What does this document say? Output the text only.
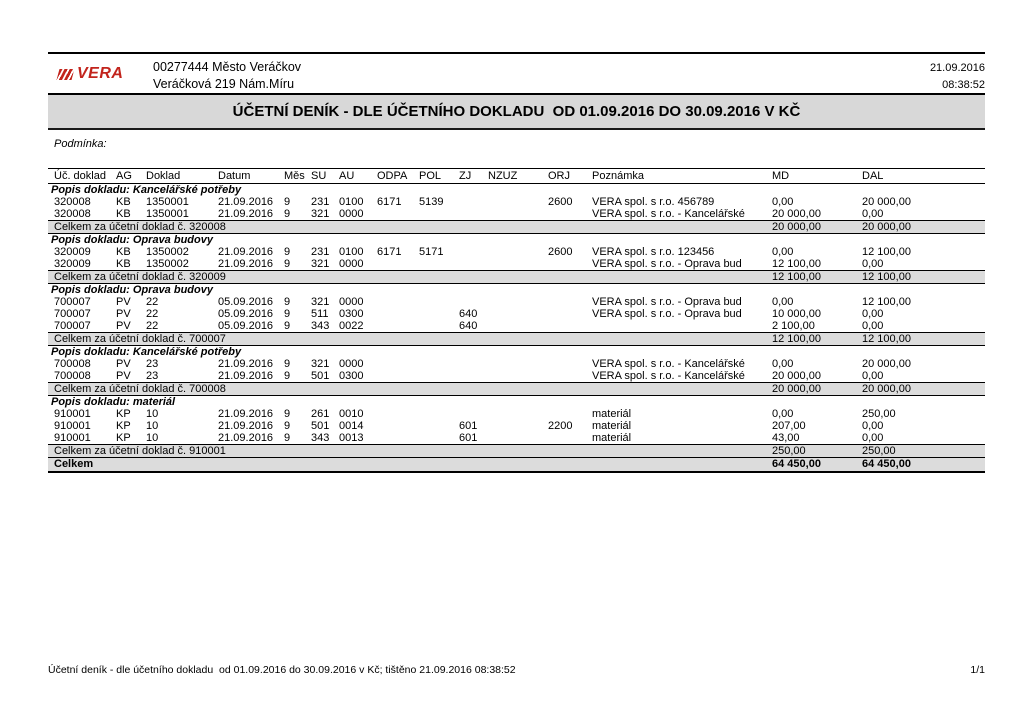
VERA 00277444 Město Veráčkov
Veráčková 219 Nám.Míru
21.09.2016
08:38:52
ÚČETNÍ DENÍK - DLE ÚČETNÍHO DOKLADU  OD 01.09.2016 DO 30.09.2016 V KČ
Podmínka:
Úč. doklad	AG	Doklad	Datum	Měs	SU	AU	ODPA	POL	ZJ	NZUZ	ORJ	Poznámka	MD	DAL
Popis dokladu: Kancelářské potřeby														
320008	KB	1350001	21.09.2016	9	231	0100	6171	5139			2600	VERA spol. s r.o. 456789	0,00	20 000,00
320008	KB	1350001	21.09.2016	9	321	0000						VERA spol. s r.o. - Kancelářské	20 000,00	0,00
Celkem za účetní doklad č. 320008													20 000,00	20 000,00
Popis dokladu: Oprava budovy														
320009	KB	1350002	21.09.2016	9	231	0100	6171	5171			2600	VERA spol. s r.o. 123456	0,00	12 100,00
320009	KB	1350002	21.09.2016	9	321	0000						VERA spol. s r.o. - Oprava bud	12 100,00	0,00
Celkem za účetní doklad č. 320009													12 100,00	12 100,00
Popis dokladu: Oprava budovy														
700007	PV	22	05.09.2016	9	321	0000						VERA spol. s r.o. - Oprava bud	0,00	12 100,00
700007	PV	22	05.09.2016	9	511	0300			640			VERA spol. s r.o. - Oprava bud	10 000,00	0,00
700007	PV	22	05.09.2016	9	343	0022			640				2 100,00	0,00
Celkem za účetní doklad č. 700007													12 100,00	12 100,00
Popis dokladu: Kancelářské potřeby														
700008	PV	23	21.09.2016	9	321	0000						VERA spol. s r.o. - Kancelářské	0,00	20 000,00
700008	PV	23	21.09.2016	9	501	0300						VERA spol. s r.o. - Kancelářské	20 000,00	0,00
Celkem za účetní doklad č. 700008													20 000,00	20 000,00
Popis dokladu: materiál														
910001	KP	10	21.09.2016	9	261	0010						materiál	0,00	250,00
910001	KP	10	21.09.2016	9	501	0014			601		2200	materiál	207,00	0,00
910001	KP	10	21.09.2016	9	343	0013			601			materiál	43,00	0,00
Celkem za účetní doklad č. 910001													250,00	250,00
Celkem													64 450,00	64 450,00
Účetní deník - dle účetního dokladu  od 01.09.2016 do 30.09.2016 v Kč; tištěno 21.09.2016 08:38:52	1/1
